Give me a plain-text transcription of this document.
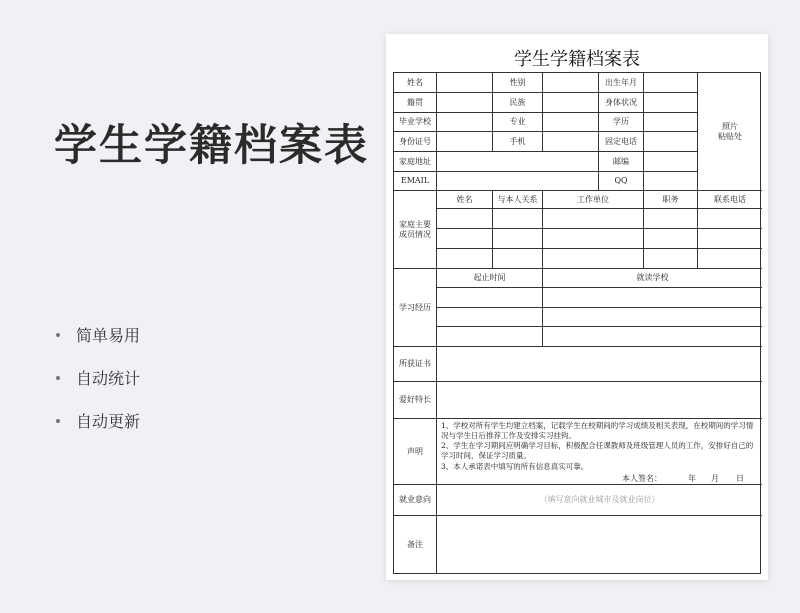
学生学籍档案表
简单易用
自动统计
自动更新
学生学籍档案表
姓名	性别	出生年月
籍贯	民族	身体状况
毕业学校	专业	学历
身份证号	手机	固定电话
家庭地址	邮编
EMAIL	QQ
照片
粘贴处
家庭主要
成员情况
姓名	与本人关系	工作单位	职务	联系电话
学习经历
起止时间	就读学校
所获证书
爱好特长
声明
1、学校对所有学生均建立档案，记载学生在校期间的学习成绩及相关表现，在校期间的学习情况与学生日后推荐工作及安排实习挂钩。
2、学生在学习期间应明确学习目标，积极配合任课教师及班级管理人员的工作，安排好自己的学习时间，保证学习质量。
3、本人承诺表中填写的所有信息真实可靠。
本人签名：	年 月 日
就业意向	（填写意向就业城市及就业岗位）
备注
